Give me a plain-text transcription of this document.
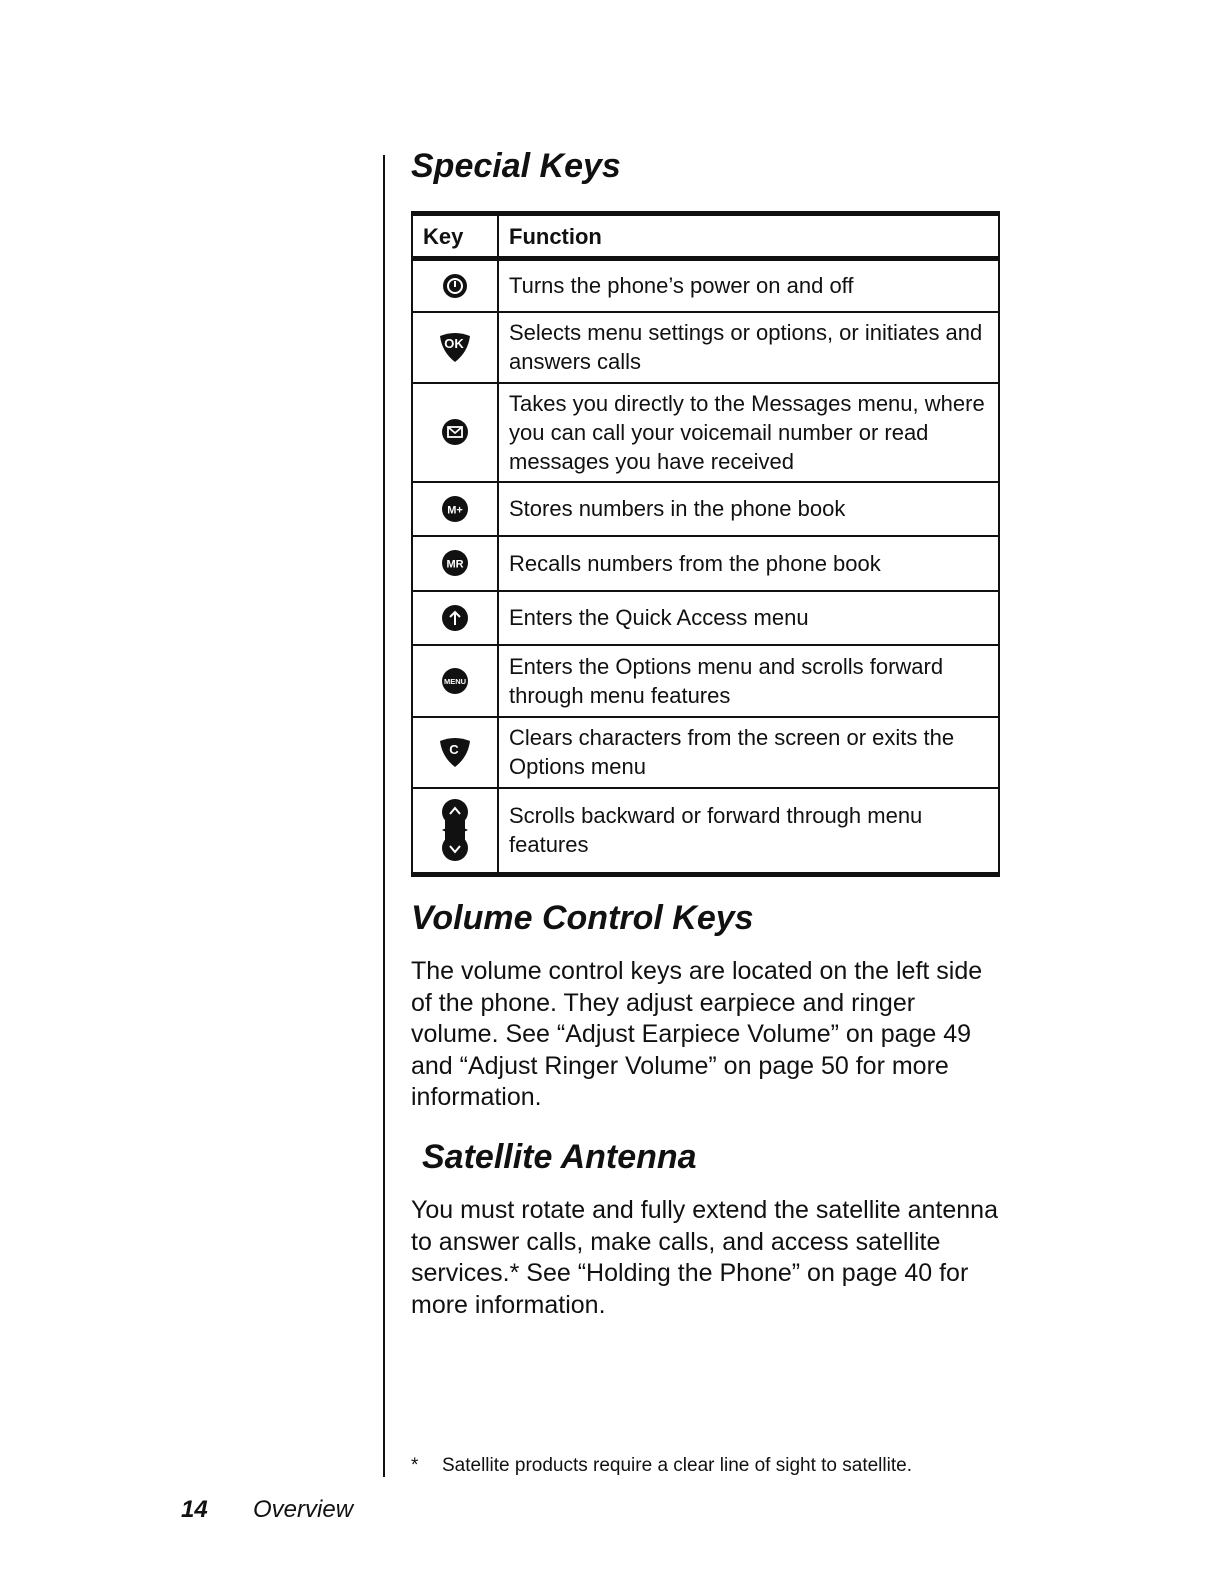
Special Keys
Key	Function

	Turns the phone’s power on and off

OK	Selects menu settings or options, or initiates and answers calls

	Takes you directly to the Messages menu, where you can call your voicemail number or read messages you have received

M+	Stores numbers in the phone book

MR	Recalls numbers from the phone book

	Enters the Quick Access menu

MENU	Enters the Options menu and scrolls forward through menu features

C	Clears characters from the screen or exits the Options menu

	Scrolls backward or forward through menu features
Volume Control Keys

The volume control keys are located on the left side of the phone. They adjust earpiece and ringer volume. See “Adjust Earpiece Volume” on page 49 and “Adjust Ringer Volume” on page 50 for more information.

Satellite Antenna

You must rotate and fully extend the satellite antenna to answer calls, make calls, and access satellite services.* See “Holding the Phone” on page 40 for more information.

* Satellite products require a clear line of sight to satellite.
14 Overview
